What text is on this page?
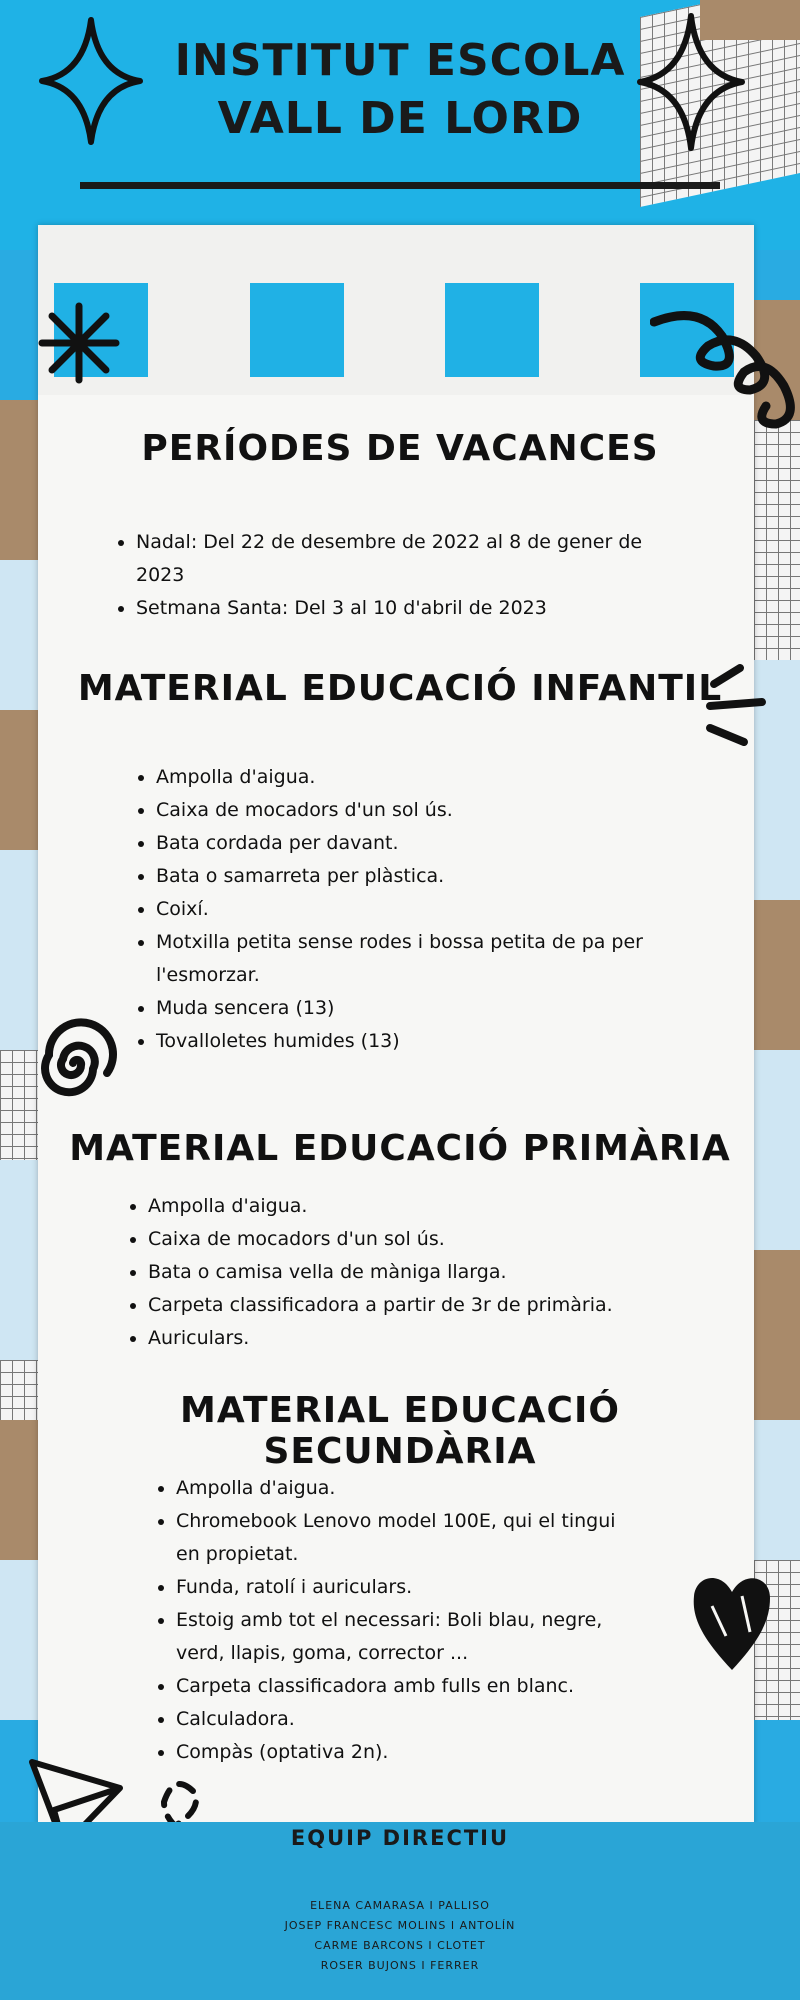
INSTITUT ESCOLA
VALL DE LORD
PERÍODES DE VACANCES
• Nadal: Del 22 de desembre de 2022 al 8 de gener de 2023
• Setmana Santa: Del 3 al 10 d'abril de 2023
MATERIAL EDUCACIÓ INFANTIL
• Ampolla d'aigua.
• Caixa de mocadors d'un sol ús.
• Bata cordada per davant.
• Bata o samarreta per plàstica.
• Coixí.
• Motxilla petita sense rodes i bossa petita de pa per l'esmorzar.
• Muda sencera (13)
• Tovalloletes humides (13)
MATERIAL EDUCACIÓ PRIMÀRIA
• Ampolla d'aigua.
• Caixa de mocadors d'un sol ús.
• Bata o camisa vella de màniga llarga.
• Carpeta classificadora a partir de 3r de primària.
• Auriculars.
MATERIAL EDUCACIÓ SECUNDÀRIA
• Ampolla d'aigua.
• Chromebook Lenovo model 100E, qui el tingui en propietat.
• Funda, ratolí i auriculars.
• Estoig amb tot el necessari: Boli blau, negre, verd, llapis, goma, corrector ...
• Carpeta classificadora amb fulls en blanc.
• Calculadora.
• Compàs (optativa 2n).
EQUIP DIRECTIU
ELENA CAMARASA I PALLISO
JOSEP FRANCESC MOLINS I ANTOLÍN
CARME BARCONS I CLOTET
ROSER BUJONS I FERRER
